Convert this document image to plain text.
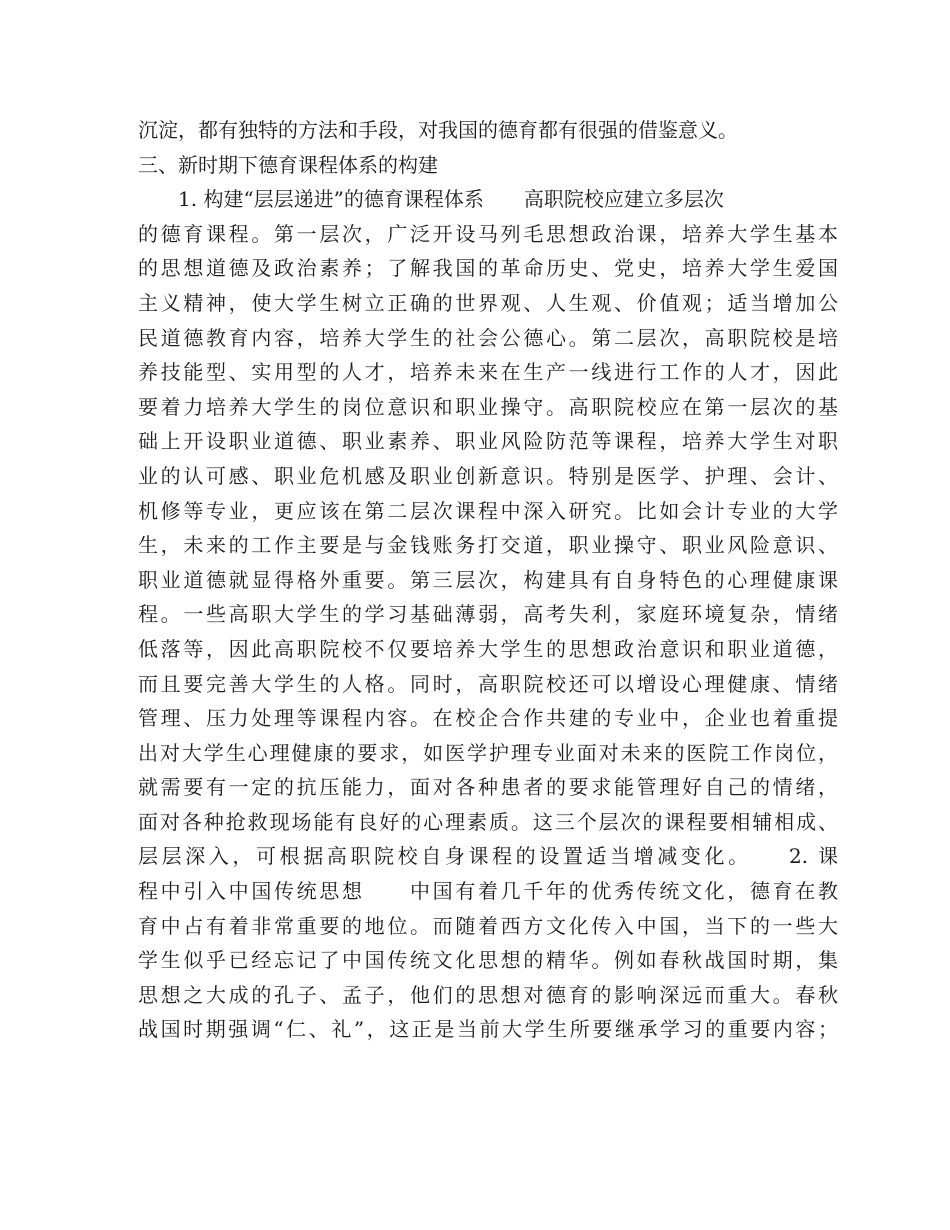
沉淀，都有独特的方法和手段，对我国的德育都有很强的借鉴意义。
三、新时期下德育课程体系的构建
1. 构建“层层递进”的德育课程体系　　高职院校应建立多层次
的德育课程。第一层次，广泛开设马列毛思想政治课，培养大学生基本
的思想道德及政治素养；了解我国的革命历史、党史，培养大学生爱国
主义精神，使大学生树立正确的世界观、人生观、价值观；适当增加公
民道德教育内容，培养大学生的社会公德心。第二层次，高职院校是培
养技能型、实用型的人才，培养未来在生产一线进行工作的人才，因此
要着力培养大学生的岗位意识和职业操守。高职院校应在第一层次的基
础上开设职业道德、职业素养、职业风险防范等课程，培养大学生对职
业的认可感、职业危机感及职业创新意识。特别是医学、护理、会计、
机修等专业，更应该在第二层次课程中深入研究。比如会计专业的大学
生，未来的工作主要是与金钱账务打交道，职业操守、职业风险意识、
职业道德就显得格外重要。第三层次，构建具有自身特色的心理健康课
程。一些高职大学生的学习基础薄弱，高考失利，家庭环境复杂，情绪
低落等，因此高职院校不仅要培养大学生的思想政治意识和职业道德，
而且要完善大学生的人格。同时，高职院校还可以增设心理健康、情绪
管理、压力处理等课程内容。在校企合作共建的专业中，企业也着重提
出对大学生心理健康的要求，如医学护理专业面对未来的医院工作岗位，
就需要有一定的抗压能力，面对各种患者的要求能管理好自己的情绪，
面对各种抢救现场能有良好的心理素质。这三个层次的课程要相辅相成、
层层深入，可根据高职院校自身课程的设置适当增减变化。　　2. 课
程中引入中国传统思想　　中国有着几千年的优秀传统文化，德育在教
育中占有着非常重要的地位。而随着西方文化传入中国，当下的一些大
学生似乎已经忘记了中国传统文化思想的精华。例如春秋战国时期，集
思想之大成的孔子、孟子，他们的思想对德育的影响深远而重大。春秋
战国时期强调“仁、礼”，这正是当前大学生所要继承学习的重要内容；
